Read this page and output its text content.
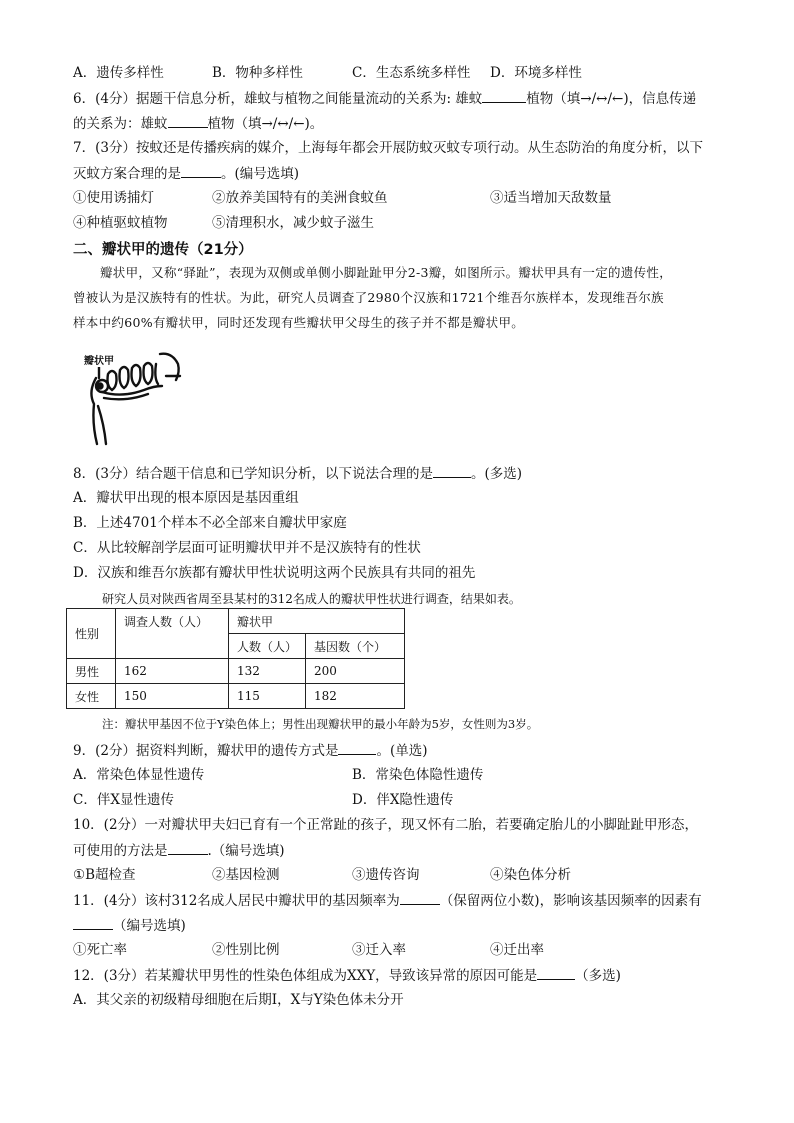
A．遗传多样性	B．物种多样性	C．生态系统多样性 D．环境多样性
6．(4分）据题干信息分析，雄蚊与植物之间能量流动的关系为: 雄蚊	植物（填→/↔/←)，信息传递
的关系为：雄蚊	植物（填→/↔/←)。
7．(3分）按蚊还是传播疾病的媒介，上海每年都会开展防蚊灭蚊专项行动。从生态防治的角度分析，以下
灭蚊方案合理的是	。(编号选填)
①使用诱捕灯	②放养美国特有的美洲食蚊鱼	③适当增加天敌数量
④种植驱蚊植物	⑤清理积水，减少蚊子滋生
二、瓣状甲的遗传（21分）
瓣状甲，又称“驿趾”，表现为双侧或单侧小脚趾趾甲分2-3瓣，如图所示。瓣状甲具有一定的遗传性，
曾被认为是汉族特有的性状。为此，研究人员调查了2980个汉族和1721个维吾尔族样本，发现维吾尔族
样本中约60%有瓣状甲，同时还发现有些瓣状甲父母生的孩子并不都是瓣状甲。
瓣状甲
8．(3分）结合题干信息和已学知识分析，以下说法合理的是	。(多选)
A．瓣状甲出现的根本原因是基因重组
B．上述4701个样本不必全部来自瓣状甲家庭
C．从比较解剖学层面可证明瓣状甲并不是汉族特有的性状
D．汉族和维吾尔族都有瓣状甲性状说明这两个民族具有共同的祖先
研究人员对陕西省周至县某村的312名成人的瓣状甲性状进行调查，结果如表。
性别	调查人数（人）	瓣状甲	
		人数（人）	基因数（个）
男性	162	132	200
女性	150	115	182
注：瓣状甲基因不位于Y染色体上；男性出现瓣状甲的最小年龄为5岁，女性则为3岁。
9．(2分）据资料判断，瓣状甲的遗传方式是	。(单选)
A．常染色体显性遗传	B．常染色体隐性遗传
C．伴X显性遗传	D．伴X隐性遗传
10．(2分）一对瓣状甲夫妇已育有一个正常趾的孩子，现又怀有二胎，若要确定胎儿的小脚趾趾甲形态，
可使用的方法是	.（编号选填)
①B超检查	②基因检测	③遗传咨询	④染色体分析
11．(4分）该村312名成人居民中瓣状甲的基因频率为	（保留两位小数)，影响该基因频率的因素有
（编号选填)
①死亡率	②性别比例	③迁入率	④迁出率
12．(3分）若某瓣状甲男性的性染色体组成为XXY，导致该异常的原因可能是	（多选)
A．其父亲的初级精母细胞在后期Ⅰ，X与Y染色体未分开
